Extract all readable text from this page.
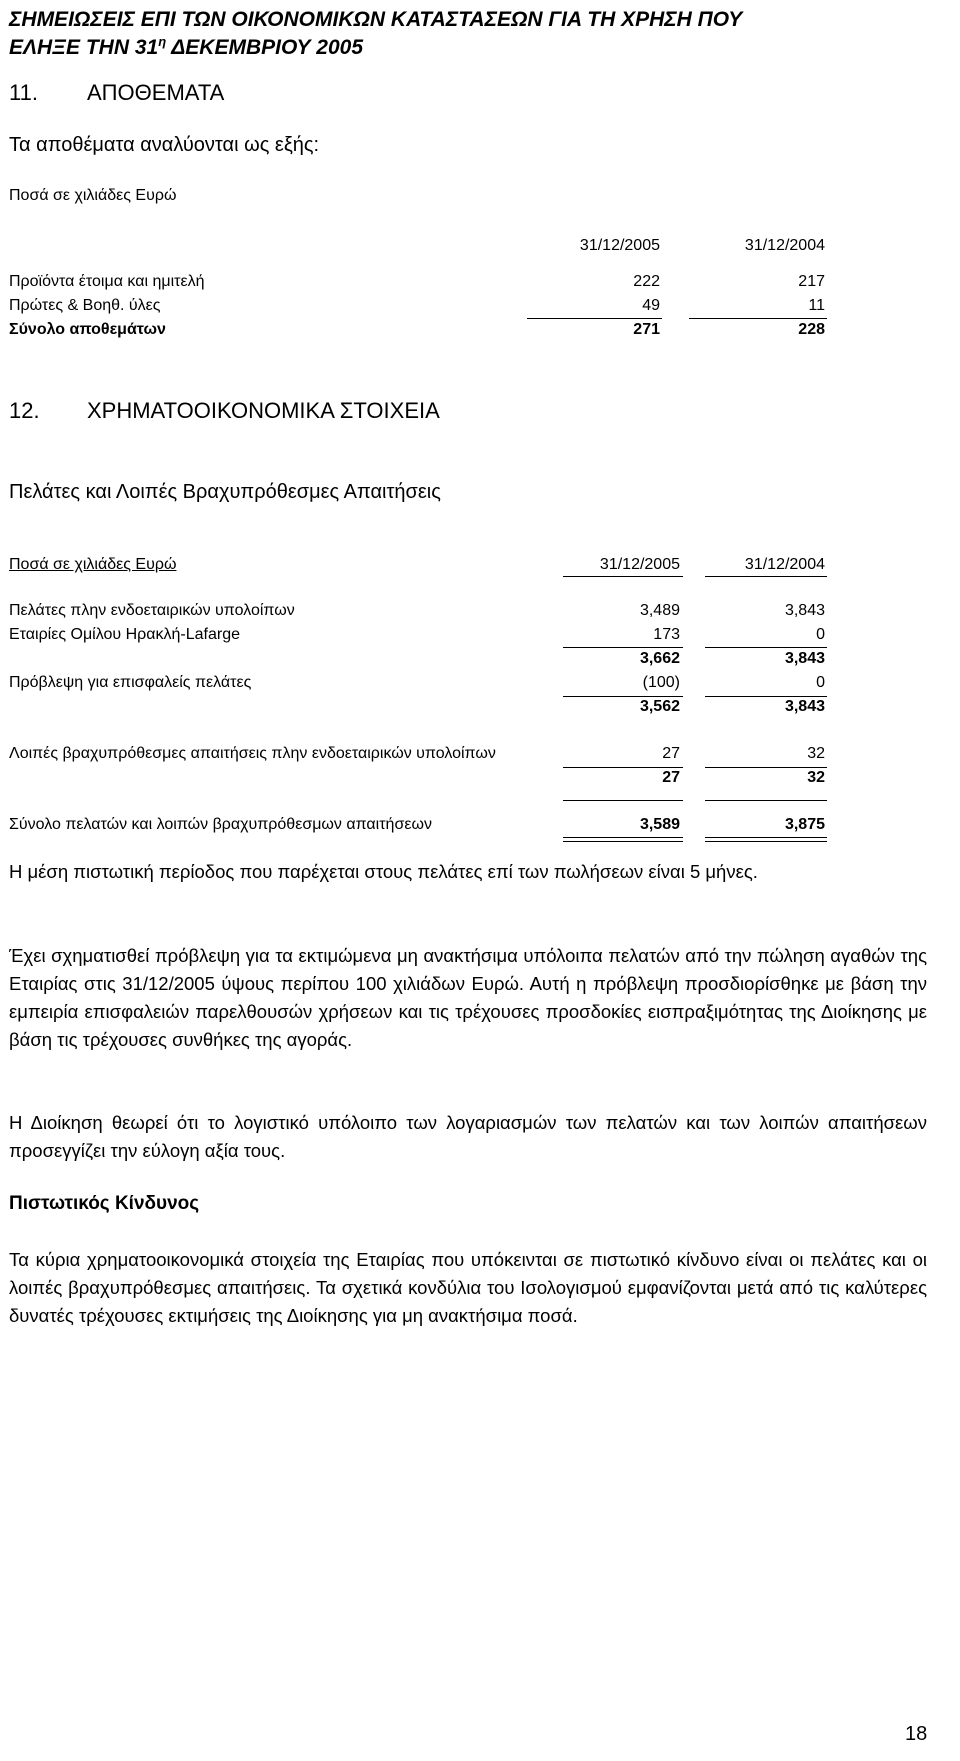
ΣΗΜΕΙΩΣΕΙΣ ΕΠΙ ΤΩΝ ΟΙΚΟΝΟΜΙΚΩΝ ΚΑΤΑΣΤΑΣΕΩΝ ΓΙΑ ΤΗ ΧΡΗΣΗ ΠΟΥ
ΕΛΗΞΕ ΤΗΝ $31^\eta$ ΔΕΚΕΜΒΡΙΟΥ 2005
11. ΑΠΟΘΕΜΑΤΑ
Τα αποθέματα αναλύονται ως εξής:
Ποσά σε χιλιάδες Ευρώ
31/12/2005	31/12/2004
Προϊόντα έτοιμα και ημιτελή	222	217
Πρώτες & Βοηθ. ύλες	49	11
Σύνολο αποθεμάτων	271	228
12. ΧΡΗΜΑΤΟΟΙΚΟΝΟΜΙΚΑ ΣΤΟΙΧΕΙΑ
Πελάτες και Λοιπές Βραχυπρόθεσμες Απαιτήσεις
Ποσά σε χιλιάδες Ευρώ	31/12/2005	31/12/2004
Πελάτες πλην ενδοεταιρικών υπολοίπων	3,489	3,843
Εταιρίες Ομίλου Ηρακλή-Lafarge	173	0
3,662	3,843
Πρόβλεψη για επισφαλείς πελάτες	(100)	0
3,562	3,843
Λοιπές βραχυπρόθεσμες απαιτήσεις πλην ενδοεταιρικών υπολοίπων	27	32
27	32
Σύνολο πελατών και λοιπών βραχυπρόθεσμων απαιτήσεων	3,589	3,875
Η μέση πιστωτική περίοδος που παρέχεται στους πελάτες επί των πωλήσεων είναι 5 μήνες.
Έχει σχηματισθεί πρόβλεψη για τα εκτιμώμενα μη ανακτήσιμα υπόλοιπα πελατών από την πώληση αγαθών της Εταιρίας στις 31/12/2005 ύψους περίπου 100 χιλιάδων Ευρώ. Αυτή η πρόβλεψη προσδιορίσθηκε με βάση την εμπειρία επισφαλειών παρελθουσών χρήσεων και τις τρέχουσες προσδοκίες εισπραξιμότητας της Διοίκησης με βάση τις τρέχουσες συνθήκες της αγοράς.
Η Διοίκηση θεωρεί ότι το λογιστικό υπόλοιπο των λογαριασμών των πελατών και των λοιπών απαιτήσεων προσεγγίζει την εύλογη αξία τους.
Πιστωτικός Κίνδυνος
Τα κύρια χρηματοοικονομικά στοιχεία της Εταιρίας που υπόκεινται σε πιστωτικό κίνδυνο είναι οι πελάτες και οι λοιπές βραχυπρόθεσμες απαιτήσεις. Τα σχετικά κονδύλια του Ισολογισμού εμφανίζονται μετά από τις καλύτερες δυνατές τρέχουσες εκτιμήσεις της Διοίκησης για μη ανακτήσιμα ποσά.
18
